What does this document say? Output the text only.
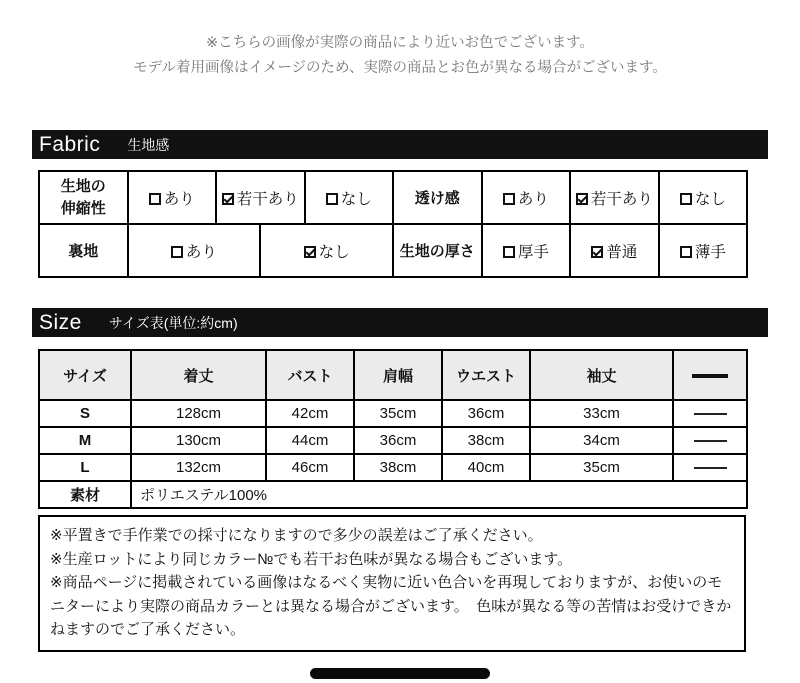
※こちらの画像が実際の商品により近いお色でございます。
モデル着用画像はイメージのため、実際の商品とお色が異なる場合がございます。
Fabric 生地感
生地の伸縮性	あり	若干あり		なし	透け感	あり	若干あり	なし
裏地	あり		なし		生地の厚さ	厚手	普通	薄手
Size サイズ表(単位:約cm)
サイズ	着丈	バスト	肩幅	ウエスト	袖丈	
S	128cm	42cm	35cm	36cm	33cm	
M	130cm	44cm	36cm	38cm	34cm	
L	132cm	46cm	38cm	40cm	35cm	
素材	ポリエステル100%					

※平置きで手作業での採寸になりますので多少の誤差はご了承ください。

※生産ロットにより同じカラー№でも若干お色味が異なる場合もございます。

※商品ページに掲載されている画像はなるべく実物に近い色合いを再現しておりますが、お使いのモニターにより実際の商品カラーとは異なる場合がございます。　色味が異なる等の苦情はお受けできかねますのでご了承ください。
